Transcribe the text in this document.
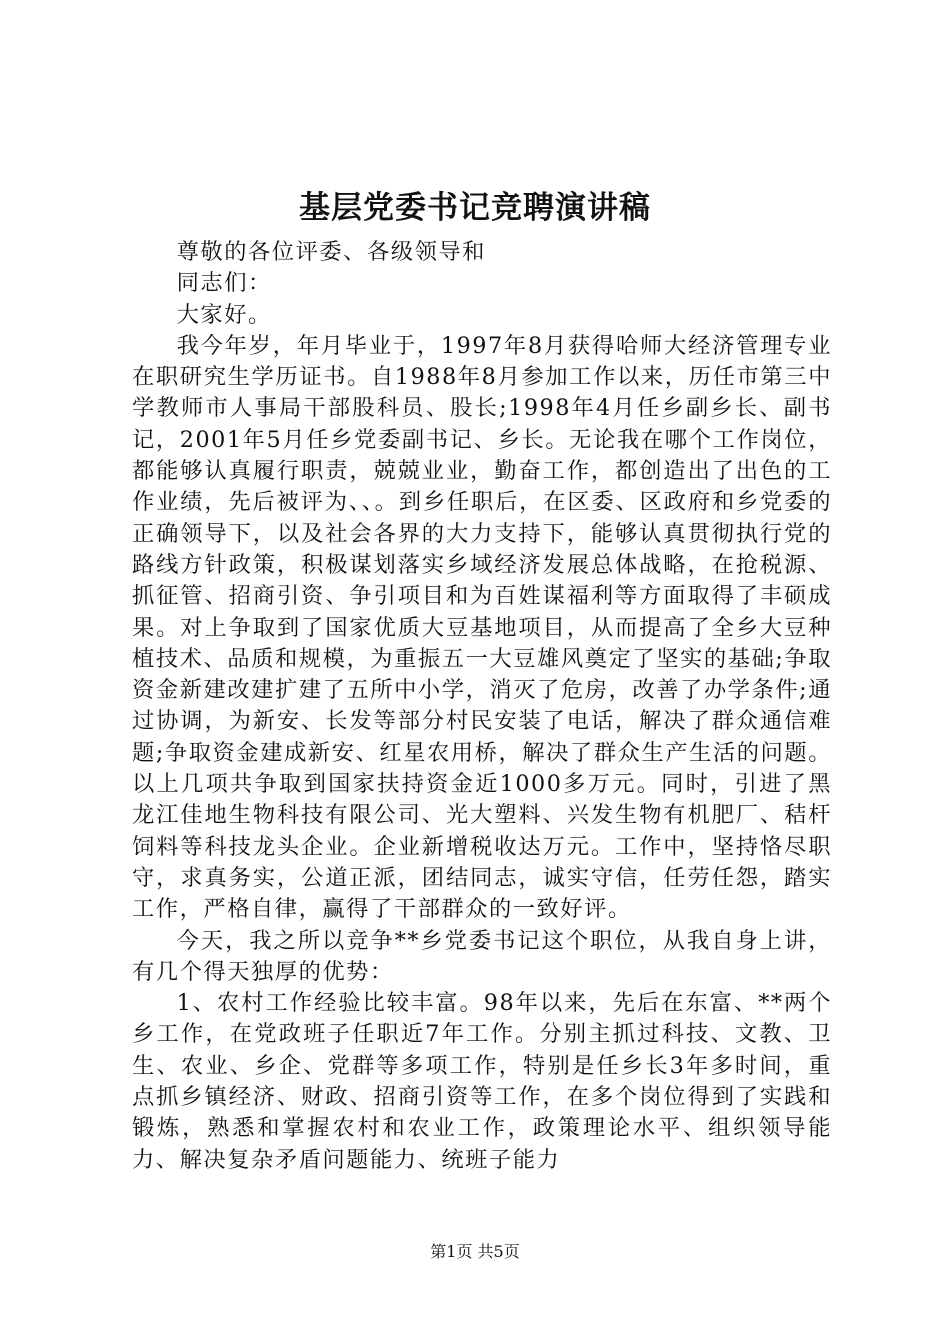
基层党委书记竞聘演讲稿

尊敬的各位评委、各级领导和

同志们：

大家好。

我今年岁，年月毕业于，1997年8月获得哈师大经济管理专业在职研究生学历证书。自1988年8月参加工作以来，历任市第三中学教师市人事局干部股科员、股长;1998年4月任乡副乡长、副书记，2001年5月任乡党委副书记、乡长。无论我在哪个工作岗位，都能够认真履行职责，兢兢业业，勤奋工作，都创造出了出色的工作业绩，先后被评为、、。到乡任职后，在区委、区政府和乡党委的正确领导下，以及社会各界的大力支持下，能够认真贯彻执行党的路线方针政策，积极谋划落实乡域经济发展总体战略，在抢税源、抓征管、招商引资、争引项目和为百姓谋福利等方面取得了丰硕成果。对上争取到了国家优质大豆基地项目，从而提高了全乡大豆种植技术、品质和规模，为重振五一大豆雄风奠定了坚实的基础;争取资金新建改建扩建了五所中小学，消灭了危房，改善了办学条件;通过协调，为新安、长发等部分村民安装了电话，解决了群众通信难题;争取资金建成新安、红星农用桥，解决了群众生产生活的问题。以上几项共争取到国家扶持资金近1000多万元。同时，引进了黑龙江佳地生物科技有限公司、光大塑料、兴发生物有机肥厂、秸杆饲料等科技龙头企业。企业新增税收达万元。工作中，坚持恪尽职守，求真务实，公道正派，团结同志，诚实守信，任劳任怨，踏实工作，严格自律，赢得了干部群众的一致好评。

今天，我之所以竞争**乡党委书记这个职位，从我自身上讲，有几个得天独厚的优势：

1、农村工作经验比较丰富。98年以来，先后在东富、**两个乡工作，在党政班子任职近7年工作。分别主抓过科技、文教、卫生、农业、乡企、党群等多项工作，特别是任乡长3年多时间，重点抓乡镇经济、财政、招商引资等工作，在多个岗位得到了实践和锻炼，熟悉和掌握农村和农业工作，政策理论水平、组织领导能力、解决复杂矛盾问题能力、统班子能力

第1页 共5页
